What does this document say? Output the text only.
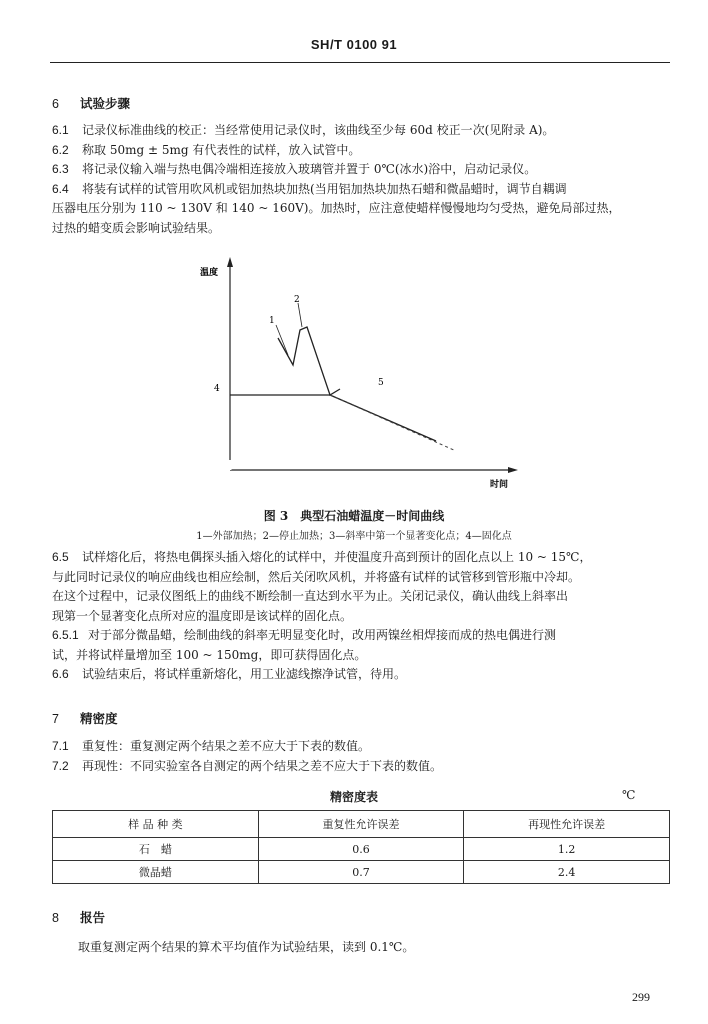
SH/T 0100 91
6 试验步骤
6.1 记录仪标准曲线的校正：当经常使用记录仪时，该曲线至少每 60d 校正一次(见附录 A)。
6.2 称取 50mg ± 5mg 有代表性的试样，放入试管中。
6.3 将记录仪输入端与热电偶冷端相连接放入玻璃管并置于 0℃(冰水)浴中，启动记录仪。
6.4 将装有试样的试管用吹风机或铝加热块加热(当用铝加热块加热石蜡和微晶蜡时，调节自耦调
压器电压分别为 110 ~ 130V 和 140 ~ 160V)。加热时，应注意使蜡样慢慢地均匀受热，避免局部过热，
过热的蜡变质会影响试验结果。
温度
时间
1
2
4
5
图 3　典型石油蜡温度－时间曲线
1—外部加热；2—停止加热；3—斜率中第一个显著变化点；4—固化点
6.5 试样熔化后，将热电偶探头插入熔化的试样中，并使温度升高到预计的固化点以上 10 ~ 15℃，
与此同时记录仪的响应曲线也相应绘制，然后关闭吹风机，并将盛有试样的试管移到管形瓶中冷却。
在这个过程中，记录仪图纸上的曲线不断绘制一直达到水平为止。关闭记录仪，确认曲线上斜率出
现第一个显著变化点所对应的温度即是该试样的固化点。
6.5.1 对于部分微晶蜡，绘制曲线的斜率无明显变化时，改用两镍丝相焊接而成的热电偶进行测
试，并将试样量增加至 100 ~ 150mg，即可获得固化点。
6.6 试验结束后，将试样重新熔化，用工业滤线擦净试管，待用。
7 精密度
7.1 重复性：重复测定两个结果之差不应大于下表的数值。
7.2 再现性：不同实验室各自测定的两个结果之差不应大于下表的数值。
精密度表	℃
样 品 种 类	重复性允许误差	再现性允许误差
石　蜡	0.6	1.2
微晶蜡	0.7	2.4
8 报告
取重复测定两个结果的算术平均值作为试验结果，读到 0.1℃。
299
